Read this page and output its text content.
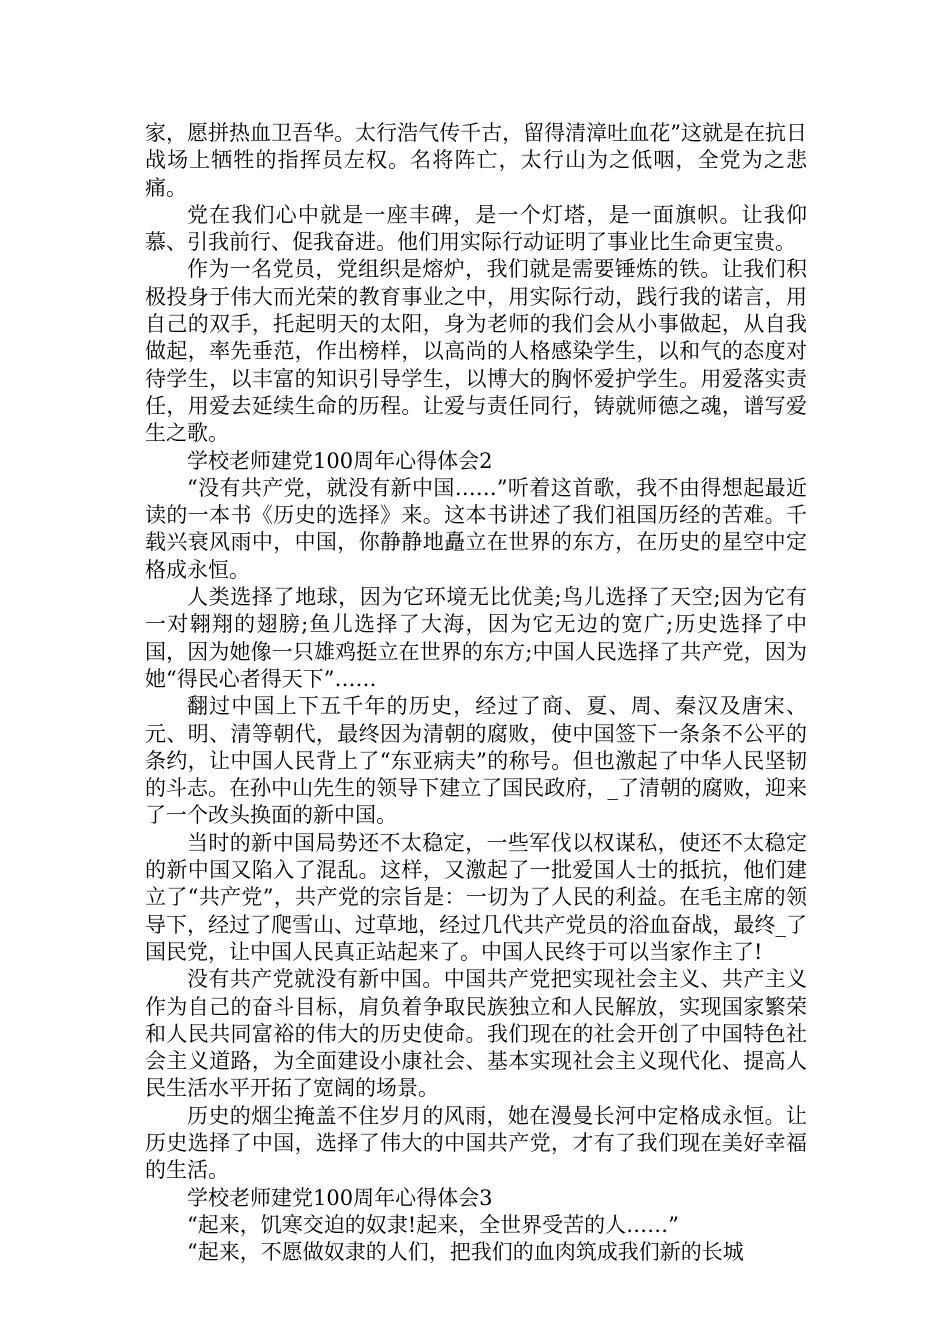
家，愿拼热血卫吾华。太行浩气传千古，留得清漳吐血花”这就是在抗日战场上牺牲的指挥员左权。名将阵亡，太行山为之低咽，全党为之悲痛。

党在我们心中就是一座丰碑，是一个灯塔，是一面旗帜。让我仰慕、引我前行、促我奋进。他们用实际行动证明了事业比生命更宝贵。

作为一名党员，党组织是熔炉，我们就是需要锤炼的铁。让我们积极投身于伟大而光荣的教育事业之中，用实际行动，践行我的诺言，用自己的双手，托起明天的太阳，身为老师的我们会从小事做起，从自我做起，率先垂范，作出榜样，以高尚的人格感染学生，以和气的态度对待学生，以丰富的知识引导学生，以博大的胸怀爱护学生。用爱落实责任，用爱去延续生命的历程。让爱与责任同行，铸就师德之魂，谱写爱生之歌。

学校老师建党100周年心得体会2

“没有共产党，就没有新中国……”听着这首歌，我不由得想起最近读的一本书《历史的选择》来。这本书讲述了我们祖国历经的苦难。千载兴衰风雨中，中国，你静静地矗立在世界的东方，在历史的星空中定格成永恒。

人类选择了地球，因为它环境无比优美;鸟儿选择了天空;因为它有一对翱翔的翅膀;鱼儿选择了大海，因为它无边的宽广;历史选择了中国，因为她像一只雄鸡挺立在世界的东方;中国人民选择了共产党，因为她“得民心者得天下”……

翻过中国上下五千年的历史，经过了商、夏、周、秦汉及唐宋、元、明、清等朝代，最终因为清朝的腐败，使中国签下一条条不公平的条约，让中国人民背上了“东亚病夫”的称号。但也激起了中华人民坚韧的斗志。在孙中山先生的领导下建立了国民政府，_了清朝的腐败，迎来了一个改头换面的新中国。

当时的新中国局势还不太稳定，一些军伐以权谋私，使还不太稳定的新中国又陷入了混乱。这样，又激起了一批爱国人士的抵抗，他们建立了“共产党”，共产党的宗旨是：一切为了人民的利益。在毛主席的领导下，经过了爬雪山、过草地，经过几代共产党员的浴血奋战，最终_了国民党，让中国人民真正站起来了。中国人民终于可以当家作主了!

没有共产党就没有新中国。中国共产党把实现社会主义、共产主义作为自己的奋斗目标，肩负着争取民族独立和人民解放，实现国家繁荣和人民共同富裕的伟大的历史使命。我们现在的社会开创了中国特色社会主义道路，为全面建设小康社会、基本实现社会主义现代化、提高人民生活水平开拓了宽阔的场景。

历史的烟尘掩盖不住岁月的风雨，她在漫曼长河中定格成永恒。让历史选择了中国，选择了伟大的中国共产党，才有了我们现在美好幸福的生活。

学校老师建党100周年心得体会3

“起来，饥寒交迫的奴隶!起来，全世界受苦的人……”

“起来，不愿做奴隶的人们，把我们的血肉筑成我们新的长城
